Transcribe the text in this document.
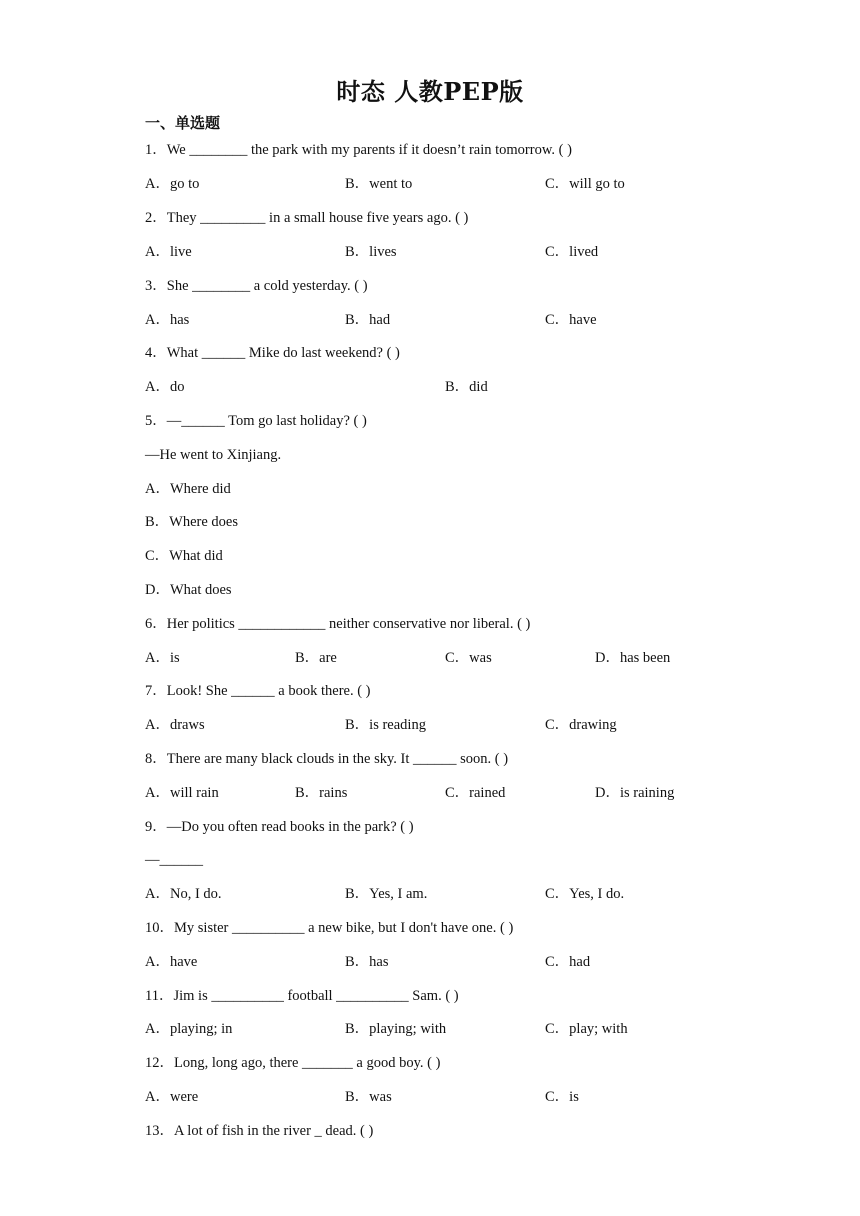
时态 人教PEP版
一、单选题
1．We ________ the park with my parents if it doesn’t rain tomorrow. ( )
A．go to	B．went to	C．will go to
2．They _________ in a small house five years ago. ( )
A．live	B．lives	C．lived
3．She ________ a cold yesterday. ( )
A．has	B．had	C．have
4．What ______ Mike do last weekend? ( )
A．do	B．did
5．—______ Tom go last holiday? ( )
—He went to Xinjiang.
A．Where did
B．Where does
C．What did
D．What does
6．Her politics ____________ neither conservative nor liberal. ( )
A．is	B．are	C．was	D．has been
7．Look! She ______ a book there. ( )
A．draws	B．is reading	C．drawing
8．There are many black clouds in the sky. It ______ soon. ( )
A．will rain	B．rains	C．rained	D．is raining
9．—Do you often read books in the park? ( )
—______
A．No, I do.	B．Yes, I am.	C．Yes, I do.
10．My sister __________ a new bike, but I don't have one. ( )
A．have	B．has	C．had
11．Jim is __________ football __________ Sam. ( )
A．playing; in	B．playing; with	C．play; with
12．Long, long ago, there _______ a good boy. ( )
A．were	B．was	C．is
13．A lot of fish in the river _ dead. ( )
